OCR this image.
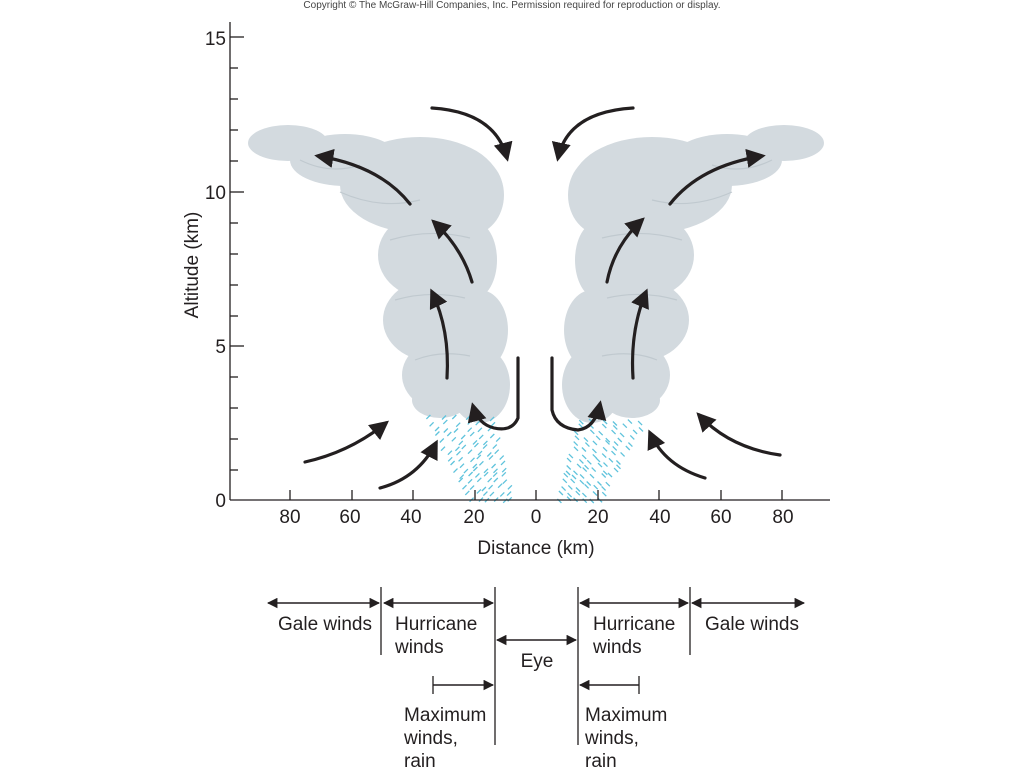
Copyright © The McGraw-Hill Companies, Inc. Permission required for reproduction or display.
0
5
10
15
80 60 40 20 0 20 40 60 80
Distance (km)
Altitude (km)
Gale winds Hurricane
winds
Eye
Hurricane
winds
Gale winds
Maximum
winds,
rain
Maximum
winds,
rain
